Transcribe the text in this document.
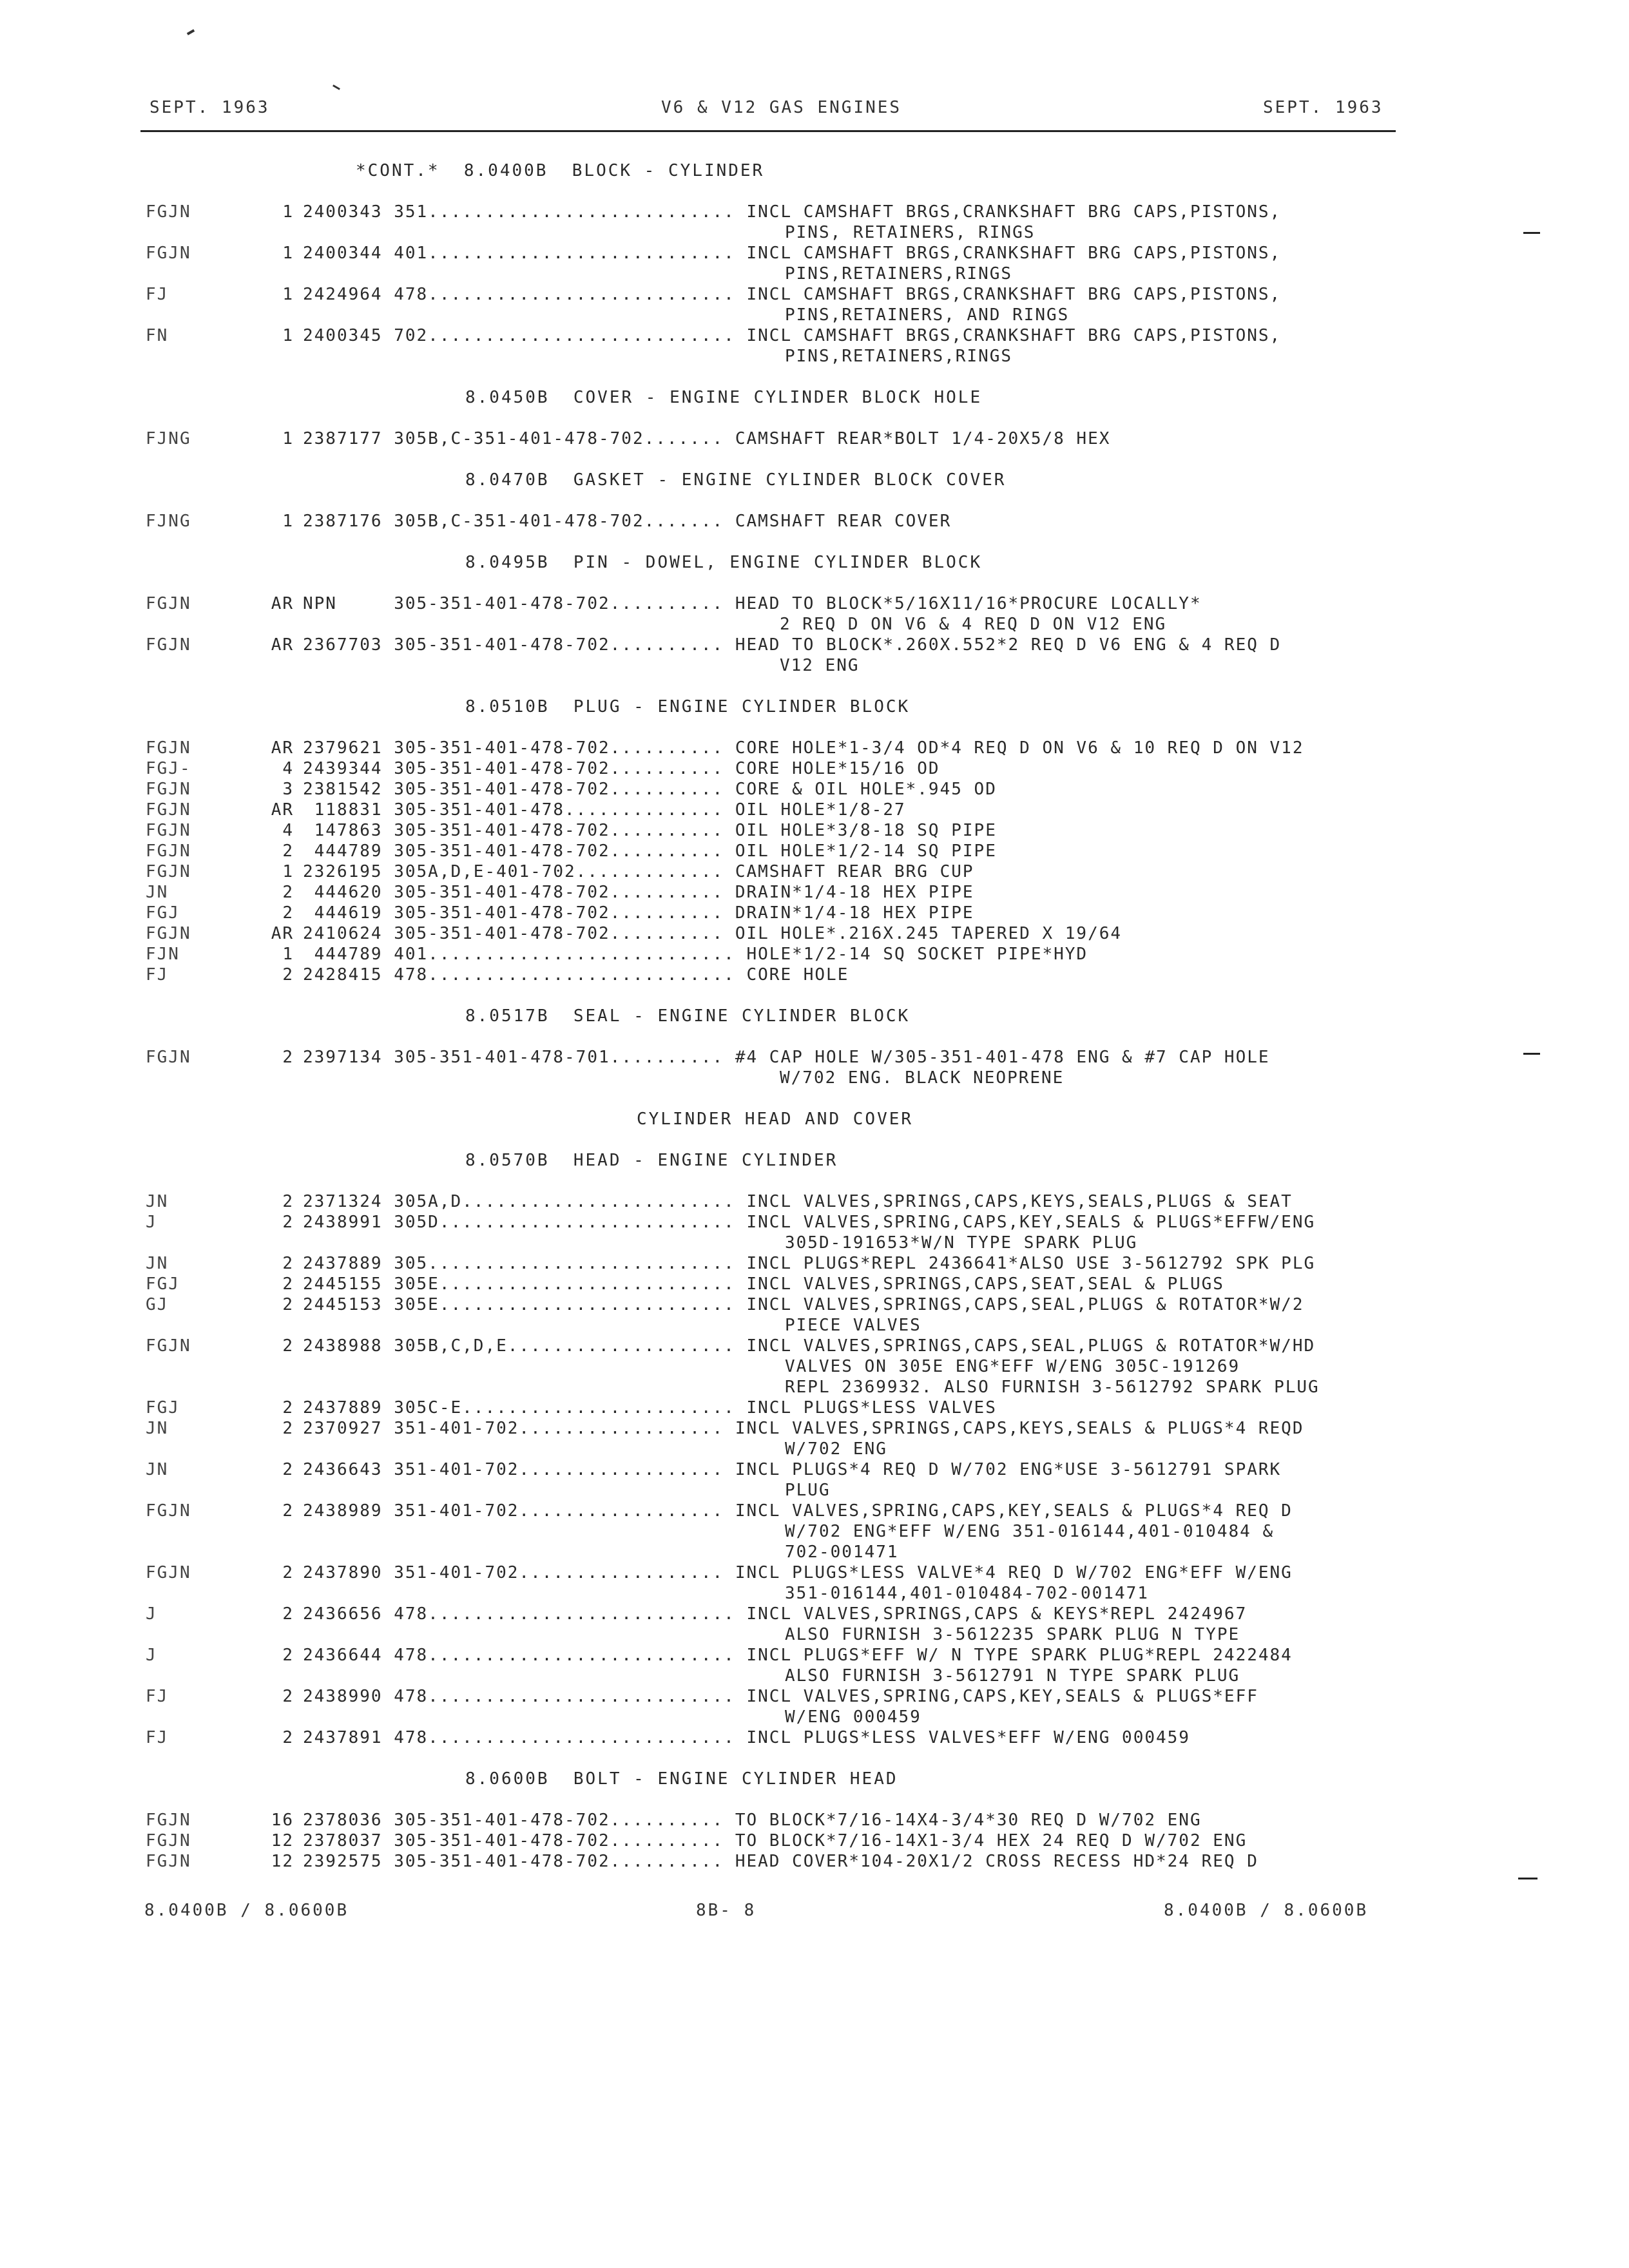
SEPT. 1963	V6 & V12 GAS ENGINES	SEPT. 1963
*CONT.*  8.0400B  BLOCK - CYLINDER
FGJN	1 2400343 351........................... INCL CAMSHAFT BRGS,CRANKSHAFT BRG CAPS,PISTONS,
PINS, RETAINERS, RINGS
FGJN	1 2400344 401........................... INCL CAMSHAFT BRGS,CRANKSHAFT BRG CAPS,PISTONS,
PINS,RETAINERS,RINGS
FJ	1 2424964 478........................... INCL CAMSHAFT BRGS,CRANKSHAFT BRG CAPS,PISTONS,
PINS,RETAINERS, AND RINGS
FN	1 2400345 702........................... INCL CAMSHAFT BRGS,CRANKSHAFT BRG CAPS,PISTONS,
PINS,RETAINERS,RINGS
8.0450B  COVER - ENGINE CYLINDER BLOCK HOLE
FJNG	1 2387177 305B,C-351-401-478-702....... CAMSHAFT REAR*BOLT 1/4-20X5/8 HEX
8.0470B  GASKET - ENGINE CYLINDER BLOCK COVER
FJNG	1 2387176 305B,C-351-401-478-702....... CAMSHAFT REAR COVER
8.0495B  PIN - DOWEL, ENGINE CYLINDER BLOCK
FGJN	AR NPN     305-351-401-478-702.......... HEAD TO BLOCK*5/16X11/16*PROCURE LOCALLY*
2 REQ D ON V6 & 4 REQ D ON V12 ENG
FGJN	AR 2367703 305-351-401-478-702.......... HEAD TO BLOCK*.260X.552*2 REQ D V6 ENG & 4 REQ D
V12 ENG
8.0510B  PLUG - ENGINE CYLINDER BLOCK
FGJN	AR 2379621 305-351-401-478-702.......... CORE HOLE*1-3/4 OD*4 REQ D ON V6 & 10 REQ D ON V12
FGJ-	4 2439344 305-351-401-478-702.......... CORE HOLE*15/16 OD
FGJN	3 2381542 305-351-401-478-702.......... CORE & OIL HOLE*.945 OD
FGJN	AR 118831 305-351-401-478.............. OIL HOLE*1/8-27
FGJN	4 147863 305-351-401-478-702.......... OIL HOLE*3/8-18 SQ PIPE
FGJN	2 444789 305-351-401-478-702.......... OIL HOLE*1/2-14 SQ PIPE
FGJN	1 2326195 305A,D,E-401-702............. CAMSHAFT REAR BRG CUP
JN	2 444620 305-351-401-478-702.......... DRAIN*1/4-18 HEX PIPE
FGJ	2 444619 305-351-401-478-702.......... DRAIN*1/4-18 HEX PIPE
FGJN	AR 2410624 305-351-401-478-702.......... OIL HOLE*.216X.245 TAPERED X 19/64
FJN	1 444789 401........................... HOLE*1/2-14 SQ SOCKET PIPE*HYD
FJ	2 2428415 478........................... CORE HOLE
8.0517B  SEAL - ENGINE CYLINDER BLOCK
FGJN	2 2397134 305-351-401-478-701.......... #4 CAP HOLE W/305-351-401-478 ENG & #7 CAP HOLE
W/702 ENG. BLACK NEOPRENE
CYLINDER HEAD AND COVER
8.0570B  HEAD - ENGINE CYLINDER
JN	2 2371324 305A,D........................ INCL VALVES,SPRINGS,CAPS,KEYS,SEALS,PLUGS & SEAT
J	2 2438991 305D.......................... INCL VALVES,SPRING,CAPS,KEY,SEALS & PLUGS*EFFW/ENG
305D-191653*W/N TYPE SPARK PLUG
JN	2 2437889 305........................... INCL PLUGS*REPL 2436641*ALSO USE 3-5612792 SPK PLG
FGJ	2 2445155 305E.......................... INCL VALVES,SPRINGS,CAPS,SEAT,SEAL & PLUGS
GJ	2 2445153 305E.......................... INCL VALVES,SPRINGS,CAPS,SEAL,PLUGS & ROTATOR*W/2
PIECE VALVES
FGJN	2 2438988 305B,C,D,E.................... INCL VALVES,SPRINGS,CAPS,SEAL,PLUGS & ROTATOR*W/HD
VALVES ON 305E ENG*EFF W/ENG 305C-191269
REPL 2369932. ALSO FURNISH 3-5612792 SPARK PLUG
FGJ	2 2437889 305C-E........................ INCL PLUGS*LESS VALVES
JN	2 2370927 351-401-702.................. INCL VALVES,SPRINGS,CAPS,KEYS,SEALS & PLUGS*4 REQD
W/702 ENG
JN	2 2436643 351-401-702.................. INCL PLUGS*4 REQ D W/702 ENG*USE 3-5612791 SPARK
PLUG
FGJN	2 2438989 351-401-702.................. INCL VALVES,SPRING,CAPS,KEY,SEALS & PLUGS*4 REQ D
W/702 ENG*EFF W/ENG 351-016144,401-010484 &
702-001471
FGJN	2 2437890 351-401-702.................. INCL PLUGS*LESS VALVE*4 REQ D W/702 ENG*EFF W/ENG
351-016144,401-010484-702-001471
J	2 2436656 478........................... INCL VALVES,SPRINGS,CAPS & KEYS*REPL 2424967
ALSO FURNISH 3-5612235 SPARK PLUG N TYPE
J	2 2436644 478........................... INCL PLUGS*EFF W/ N TYPE SPARK PLUG*REPL 2422484
ALSO FURNISH 3-5612791 N TYPE SPARK PLUG
FJ	2 2438990 478........................... INCL VALVES,SPRING,CAPS,KEY,SEALS & PLUGS*EFF
W/ENG 000459
FJ	2 2437891 478........................... INCL PLUGS*LESS VALVES*EFF W/ENG 000459
8.0600B  BOLT - ENGINE CYLINDER HEAD
FGJN	16 2378036 305-351-401-478-702.......... TO BLOCK*7/16-14X4-3/4*30 REQ D W/702 ENG
FGJN	12 2378037 305-351-401-478-702.......... TO BLOCK*7/16-14X1-3/4 HEX 24 REQ D W/702 ENG
FGJN	12 2392575 305-351-401-478-702.......... HEAD COVER*104-20X1/2 CROSS RECESS HD*24 REQ D
8.0400B / 8.0600B	8B- 8	8.0400B / 8.0600B
